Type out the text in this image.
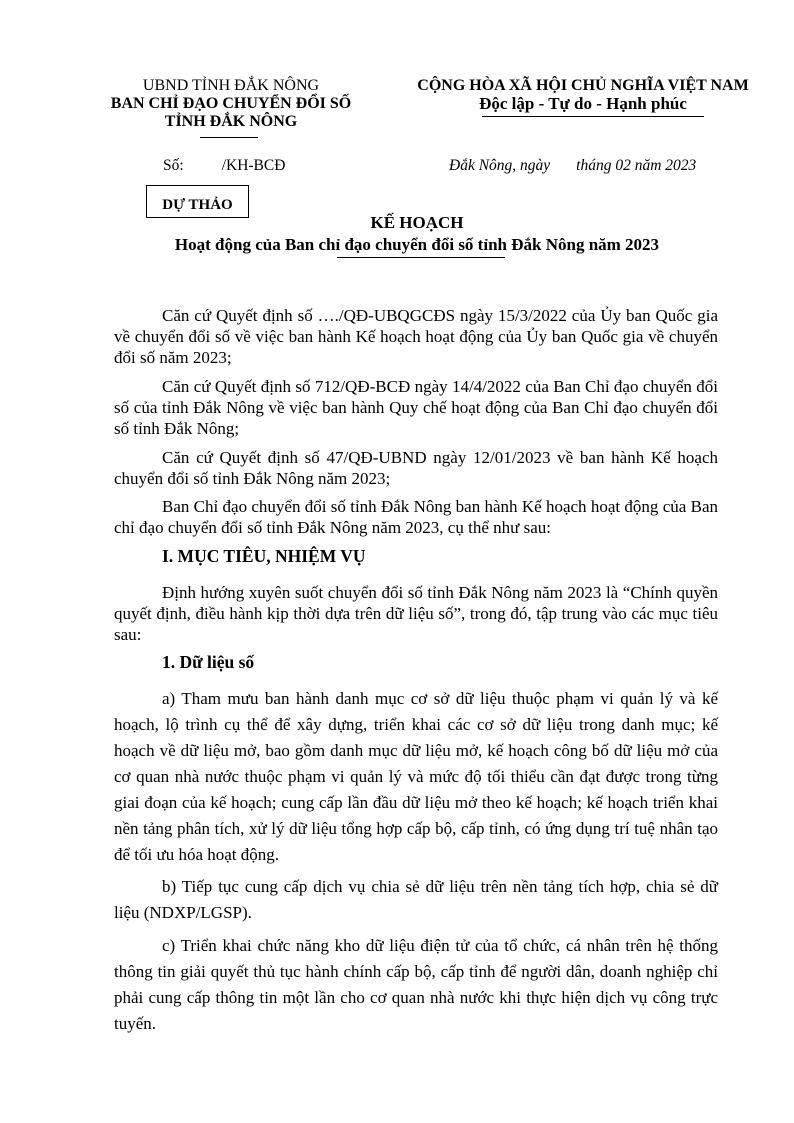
UBND TỈNH ĐẮK NÔNG
BAN CHỈ ĐẠO CHUYỂN ĐỔI SỐ
TỈNH ĐẮK NÔNG
CỘNG HÒA XÃ HỘI CHỦ NGHĨA VIỆT NAM
Độc lập - Tự do - Hạnh phúc
Số: /KH-BCĐ	Đắk Nông, ngày tháng 02 năm 2023
DỰ THẢO
KẾ HOẠCH
Hoạt động của Ban chỉ đạo chuyển đổi số tỉnh Đắk Nông năm 2023

Căn cứ Quyết định số …./QĐ-UBQGCĐS ngày 15/3/2022 của Ủy ban Quốc gia về chuyển đổi số về việc ban hành Kế hoạch hoạt động của Ủy ban Quốc gia về chuyển đổi số năm 2023;

Căn cứ Quyết định số 712/QĐ-BCĐ ngày 14/4/2022 của Ban Chỉ đạo chuyển đổi số của tỉnh Đắk Nông về việc ban hành Quy chế hoạt động của Ban Chỉ đạo chuyển đổi số tỉnh Đắk Nông;

Căn cứ Quyết định số 47/QĐ-UBND ngày 12/01/2023 về ban hành Kế hoạch chuyển đổi số tỉnh Đắk Nông năm 2023;

Ban Chỉ đạo chuyển đổi số tỉnh Đắk Nông ban hành Kế hoạch hoạt động của Ban chỉ đạo chuyển đổi số tỉnh Đắk Nông năm 2023, cụ thể như sau:

I. MỤC TIÊU, NHIỆM VỤ

Định hướng xuyên suốt chuyển đổi số tỉnh Đắk Nông năm 2023 là “Chính quyền quyết định, điều hành kịp thời dựa trên dữ liệu số”, trong đó, tập trung vào các mục tiêu sau:

1. Dữ liệu số

a) Tham mưu ban hành danh mục cơ sở dữ liệu thuộc phạm vi quản lý và kế hoạch, lộ trình cụ thể để xây dựng, triển khai các cơ sở dữ liệu trong danh mục; kế hoạch về dữ liệu mở, bao gồm danh mục dữ liệu mở, kế hoạch công bố dữ liệu mở của cơ quan nhà nước thuộc phạm vi quản lý và mức độ tối thiểu cần đạt được trong từng giai đoạn của kế hoạch; cung cấp lần đầu dữ liệu mở theo kế hoạch; kế hoạch triển khai nền tảng phân tích, xử lý dữ liệu tổng hợp cấp bộ, cấp tỉnh, có ứng dụng trí tuệ nhân tạo để tối ưu hóa hoạt động.

b) Tiếp tục cung cấp dịch vụ chia sẻ dữ liệu trên nền tảng tích hợp, chia sẻ dữ liệu (NDXP/LGSP).

c) Triển khai chức năng kho dữ liệu điện tử của tổ chức, cá nhân trên hệ thống thông tin giải quyết thủ tục hành chính cấp bộ, cấp tỉnh để người dân, doanh nghiệp chỉ phải cung cấp thông tin một lần cho cơ quan nhà nước khi thực hiện dịch vụ công trực tuyến.
